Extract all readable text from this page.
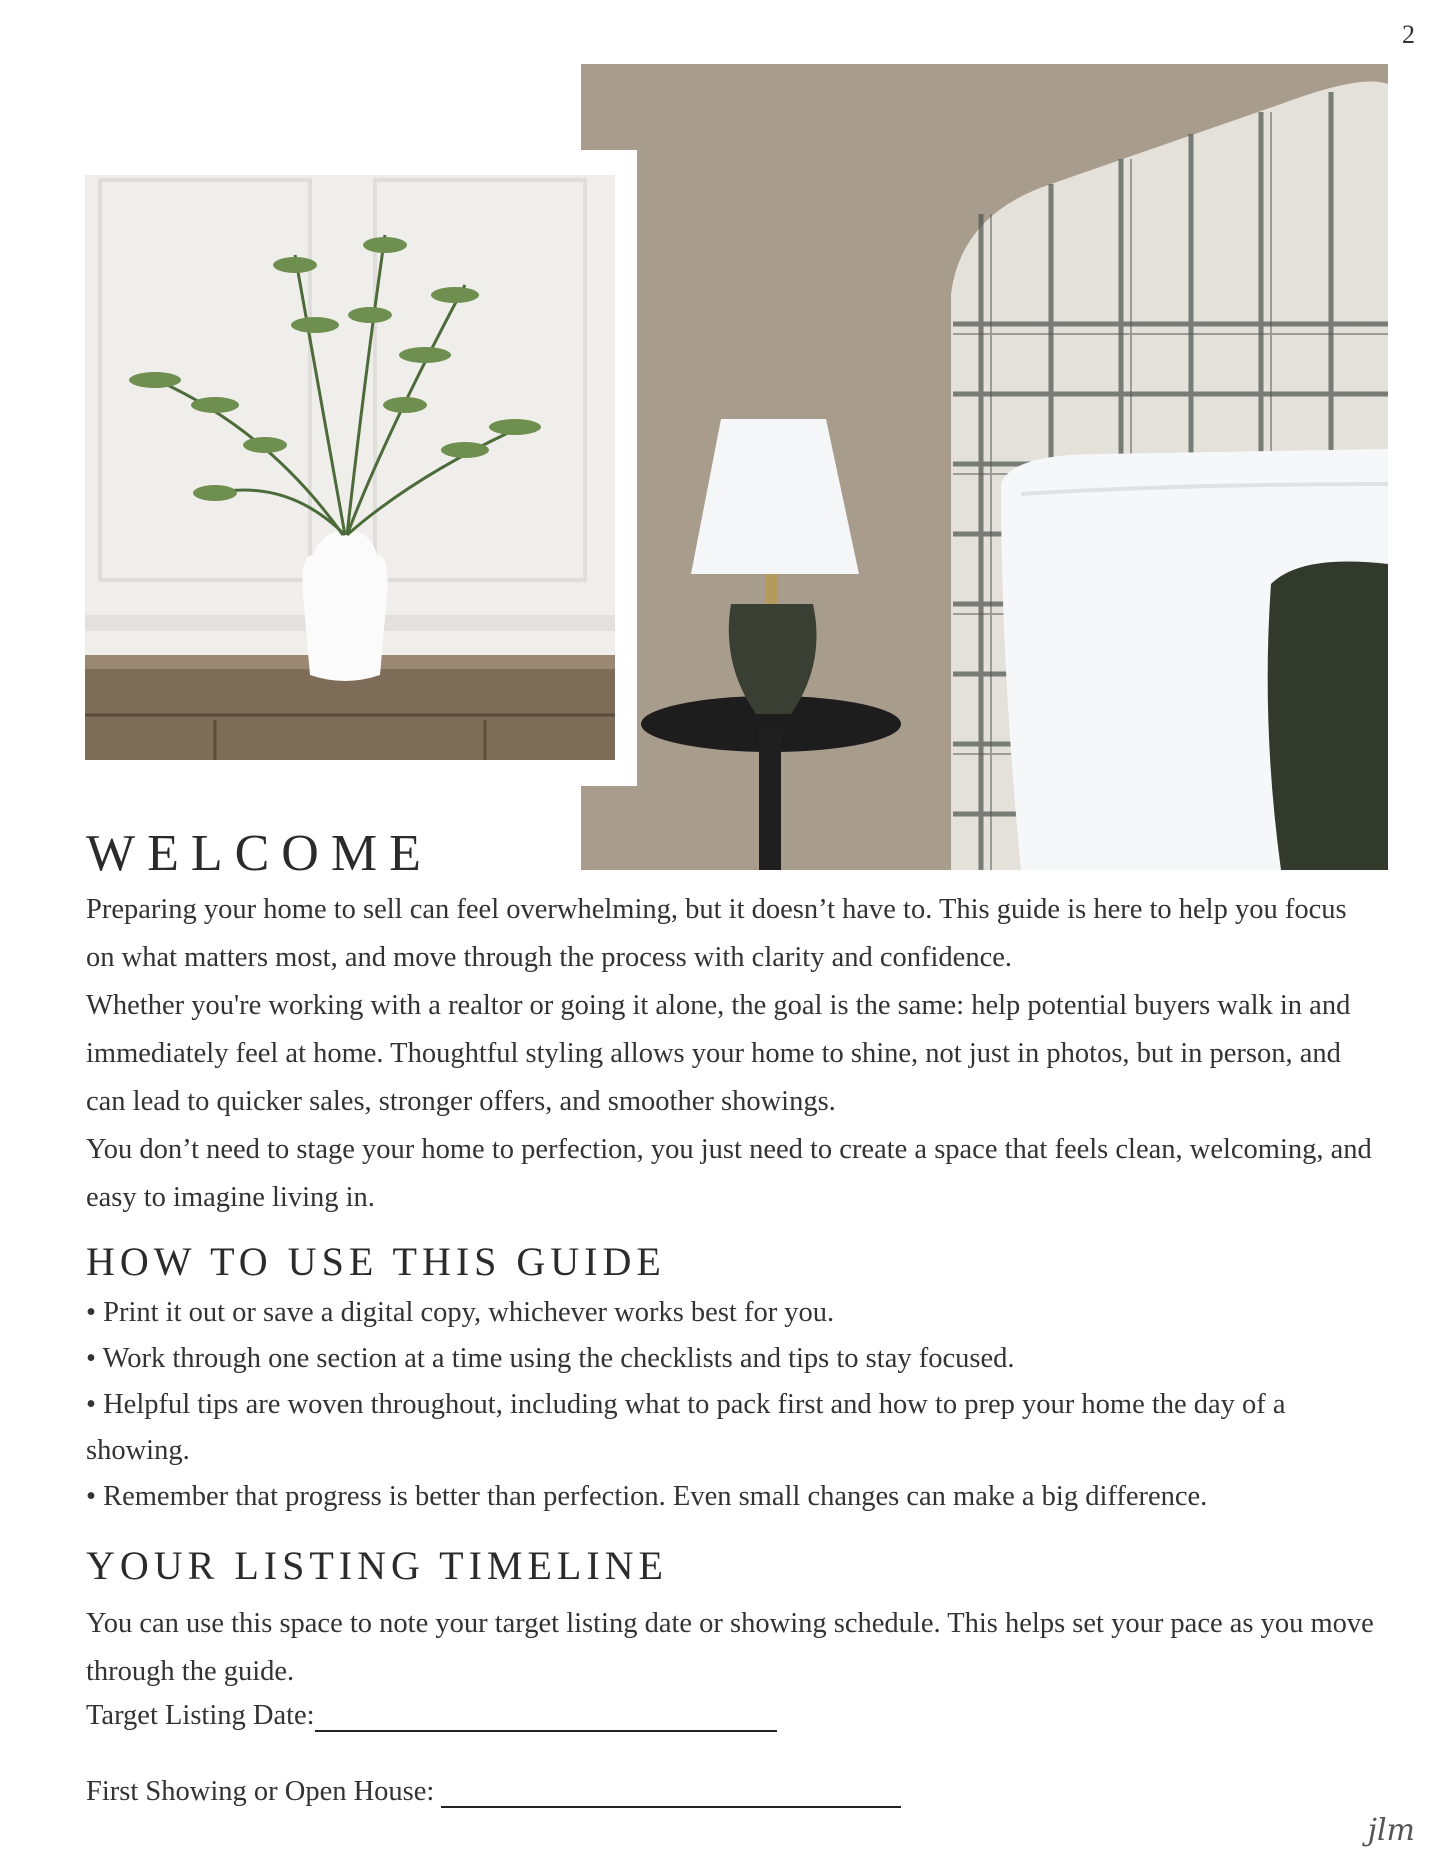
2
WELCOME

Preparing your home to sell can feel overwhelming, but it doesn’t have to. This guide is here to help you focus on what matters most, and move through the process with clarity and confidence.

Whether you're working with a realtor or going it alone, the goal is the same: help potential buyers walk in and immediately feel at home. Thoughtful styling allows your home to shine, not just in photos, but in person, and can lead to quicker sales, stronger offers, and smoother showings.

You don’t need to stage your home to perfection, you just need to create a space that feels clean, welcoming, and easy to imagine living in.

HOW TO USE THIS GUIDE
• Print it out or save a digital copy, whichever works best for you.
• Work through one section at a time using the checklists and tips to stay focused.
• Helpful tips are woven throughout, including what to pack first and how to prep your home the day of a showing.
• Remember that progress is better than perfection. Even small changes can make a big difference.
YOUR LISTING TIMELINE

You can use this space to note your target listing date or showing schedule. This helps set your pace as you move through the guide.

Target Listing Date:
First Showing or Open House:
jlm
